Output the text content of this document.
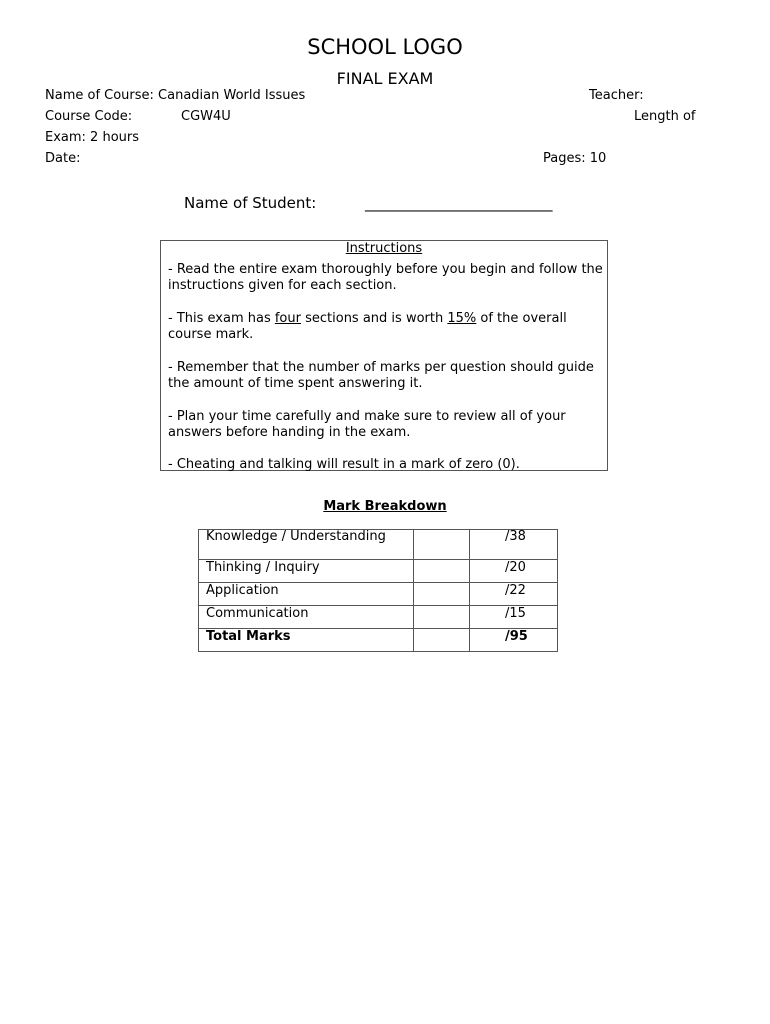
SCHOOL LOGO
FINAL EXAM
Name of Course: Canadian World Issues	Teacher:
Course Code:	CGW4U	Length of
Exam: 2 hours
Date:	Pages: 10
Name of Student:	_________________________
Instructions
- Read the entire exam thoroughly before you begin and follow the instructions given for each section.
- This exam has four sections and is worth 15% of the overall course mark.
- Remember that the number of marks per question should guide the amount of time spent answering it.
- Plan your time carefully and make sure to review all of your answers before handing in the exam.
- Cheating and talking will result in a mark of zero (0).
Mark Breakdown
Knowledge / Understanding		/38
Thinking / Inquiry		/20
Application		/22
Communication		/15
Total Marks		/95
